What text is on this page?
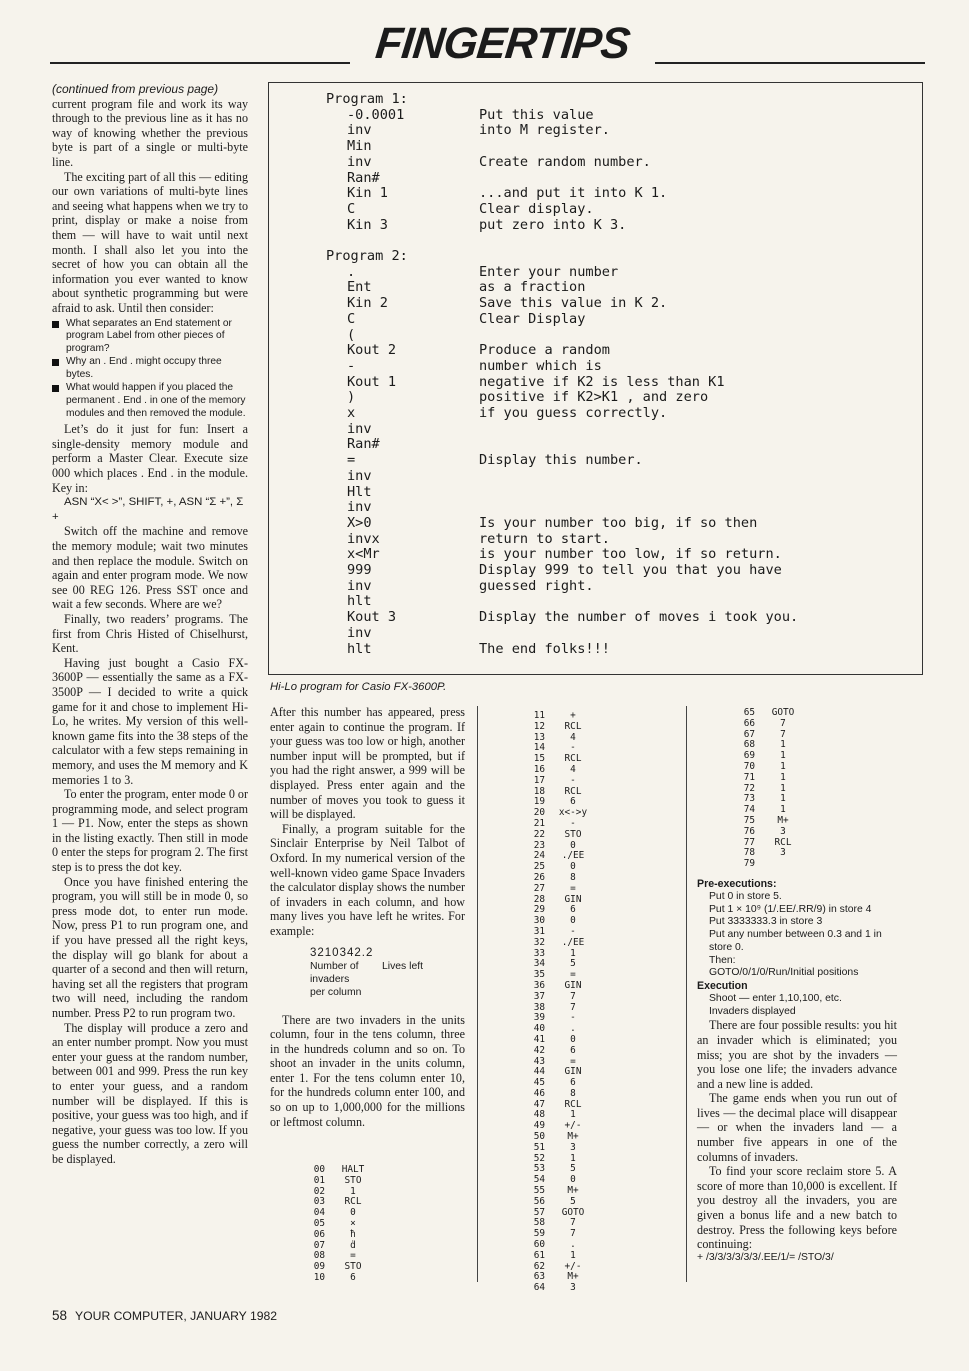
FINGERTIPS

(continued from previous page)

current program file and work its way through to the previous line as it has no way of knowing whether the previous byte is part of a single or multi-byte line.

The exciting part of all this — editing our own variations of multi-byte lines and seeing what happens when we try to print, display or make a noise from them — will have to wait until next month. I shall also let you into the secret of how you can obtain all the information you ever wanted to know about synthetic programming but were afraid to ask. Until then consider:

What separates an End statement or program Label from other pieces of program?
Why an . End . might occupy three bytes.
What would happen if you placed the permanent . End . in one of the memory modules and then removed the module.

Let’s do it just for fun: Insert a single-density memory module and perform a Master Clear. Execute size 000 which places . End . in the module. Key in:

ASN “X< >”, SHIFT, +, ASN “Σ +”, Σ +

Switch off the machine and remove the memory module; wait two minutes and then replace the module. Switch on again and enter program mode. We now see 00 REG 126. Press SST once and wait a few seconds. Where are we?

Finally, two readers’ programs. The first from Chris Histed of Chiselhurst, Kent.

Having just bought a Casio FX-3600P — essentially the same as a FX-3500P — I decided to write a quick game for it and chose to implement Hi-Lo, he writes. My version of this well-known game fits into the 38 steps of the calculator with a few steps remaining in memory, and uses the M memory and K memories 1 to 3.

To enter the program, enter mode 0 or programming mode, and select program 1 — P1. Now, enter the steps as shown in the listing exactly. Then still in mode 0 enter the steps for program 2. The first step is to press the dot key.

Once you have finished entering the program, you will still be in mode 0, so press mode dot, to enter run mode. Now, press P1 to run program one, and if you have pressed all the right keys, the display will go blank for about a quarter of a second and then will return, having set all the registers that program two will need, including the random number. Press P2 to run program two.

The display will produce a zero and an enter number prompt. Now you must enter your guess at the random number, between 001 and 999. Press the run key to enter your guess, and a random number will be displayed. If this is positive, your guess was too high, and if negative, your guess was too low. If you guess the number correctly, a zero will be displayed.

Program 1:
-0.0001	Put this value
inv	into M register.
Min
inv	Create random number.
Ran#
Kin 1	...and put it into K 1.
C	Clear display.
Kin 3	put zero into K 3.
Program 2:
.	Enter your number
Ent	as a fraction
Kin 2	Save this value in K 2.
C	Clear Display
(
Kout 2	Produce a random
-	number which is
Kout 1	negative if K2 is less than K1
)	positive if K2>K1 , and zero
x	if you guess correctly.
inv
Ran#
=	Display this number.
inv
Hlt
inv
X>0	Is your number too big, if so then
invx	return to start.
x<Mr	is your number too low, if so return.
999	Display 999 to tell you that you have
inv	guessed right.
hlt
Kout 3	Display the number of moves i took you.
inv
hlt	The end folks!!!
Hi-Lo program for Casio FX-3600P.

After this number has appeared, press enter again to continue the program. If your guess was too low or high, another number input will be prompted, but if you had the right answer, a 999 will be displayed. Press enter again and the number of moves you took to guess it will be displayed.

Finally, a program suitable for the Sinclair Enterprise by Neil Talbot of Oxford. In my numerical version of the well-known video game Space Invaders the calculator display shows the number of invaders in each column, and how many lives you have left he writes. For example:

3210342.2
Number of	Lives left
invaders
per column

There are two invaders in the units column, four in the tens column, three in the hundreds column and so on. To shoot an invader in the units column, enter 1. For the tens column enter 10, for the hundreds column enter 100, and so on up to 1,000,000 for the millions or leftmost column.

00	HALT
01	STO
02	1
03	RCL
04	0
05	×
06	ħ
07	ḋ
08	=
09	STO
10	6
11	+
12	RCL
13	4
14	-
15	RCL
16	4
17	-
18	RCL
19	6
20	x<->y
21	-
22	STO
23	0
24	./EE
25	0
26	8
27	=
28	GIN
29	6
30	0
31	-
32	./EE
33	1
34	5
35	=
36	GIN
37	7
38	7
39	-
40	.
41	0
42	6
43	=
44	GIN
45	6
46	8
47	RCL
48	1
49	+/-
50	M+
51	3
52	1
53	5
54	0
55	M+
56	5
57	GOTO
58	7
59	7
60	.
61	1
62	+/-
63	M+
64	3
65	GOTO
66	7
67	7
68	1
69	1
70	1
71	1
72	1
73	1
74	1
75	M+
76	3
77	RCL
78	3
79

Pre-executions:

Put 0 in store 5.

Put 1 × 10⁹ (1/.EE/.RR/9) in store 4

Put 3333333.3 in store 3

Put any number between 0.3 and 1 in store 0.

Then:

GOTO/0/1/0/Run/Initial positions

Execution

Shoot — enter 1,10,100, etc.

Invaders displayed

There are four possible results: you hit an invader which is eliminated; you miss; you are shot by the invaders — you lose one life; the invaders advance and a new line is added.

The game ends when you run out of lives — the decimal place will disappear — or when the invaders land — a number five appears in one of the columns of invaders.

To find your score reclaim store 5. A score of more than 10,000 is excellent. If you destroy all the invaders, you are given a bonus life and a new batch to destroy. Press the following keys before continuing:

+ /3/3/3/3/3/3/.EE/1/= /STO/3/

58 YOUR COMPUTER, JANUARY 1982
